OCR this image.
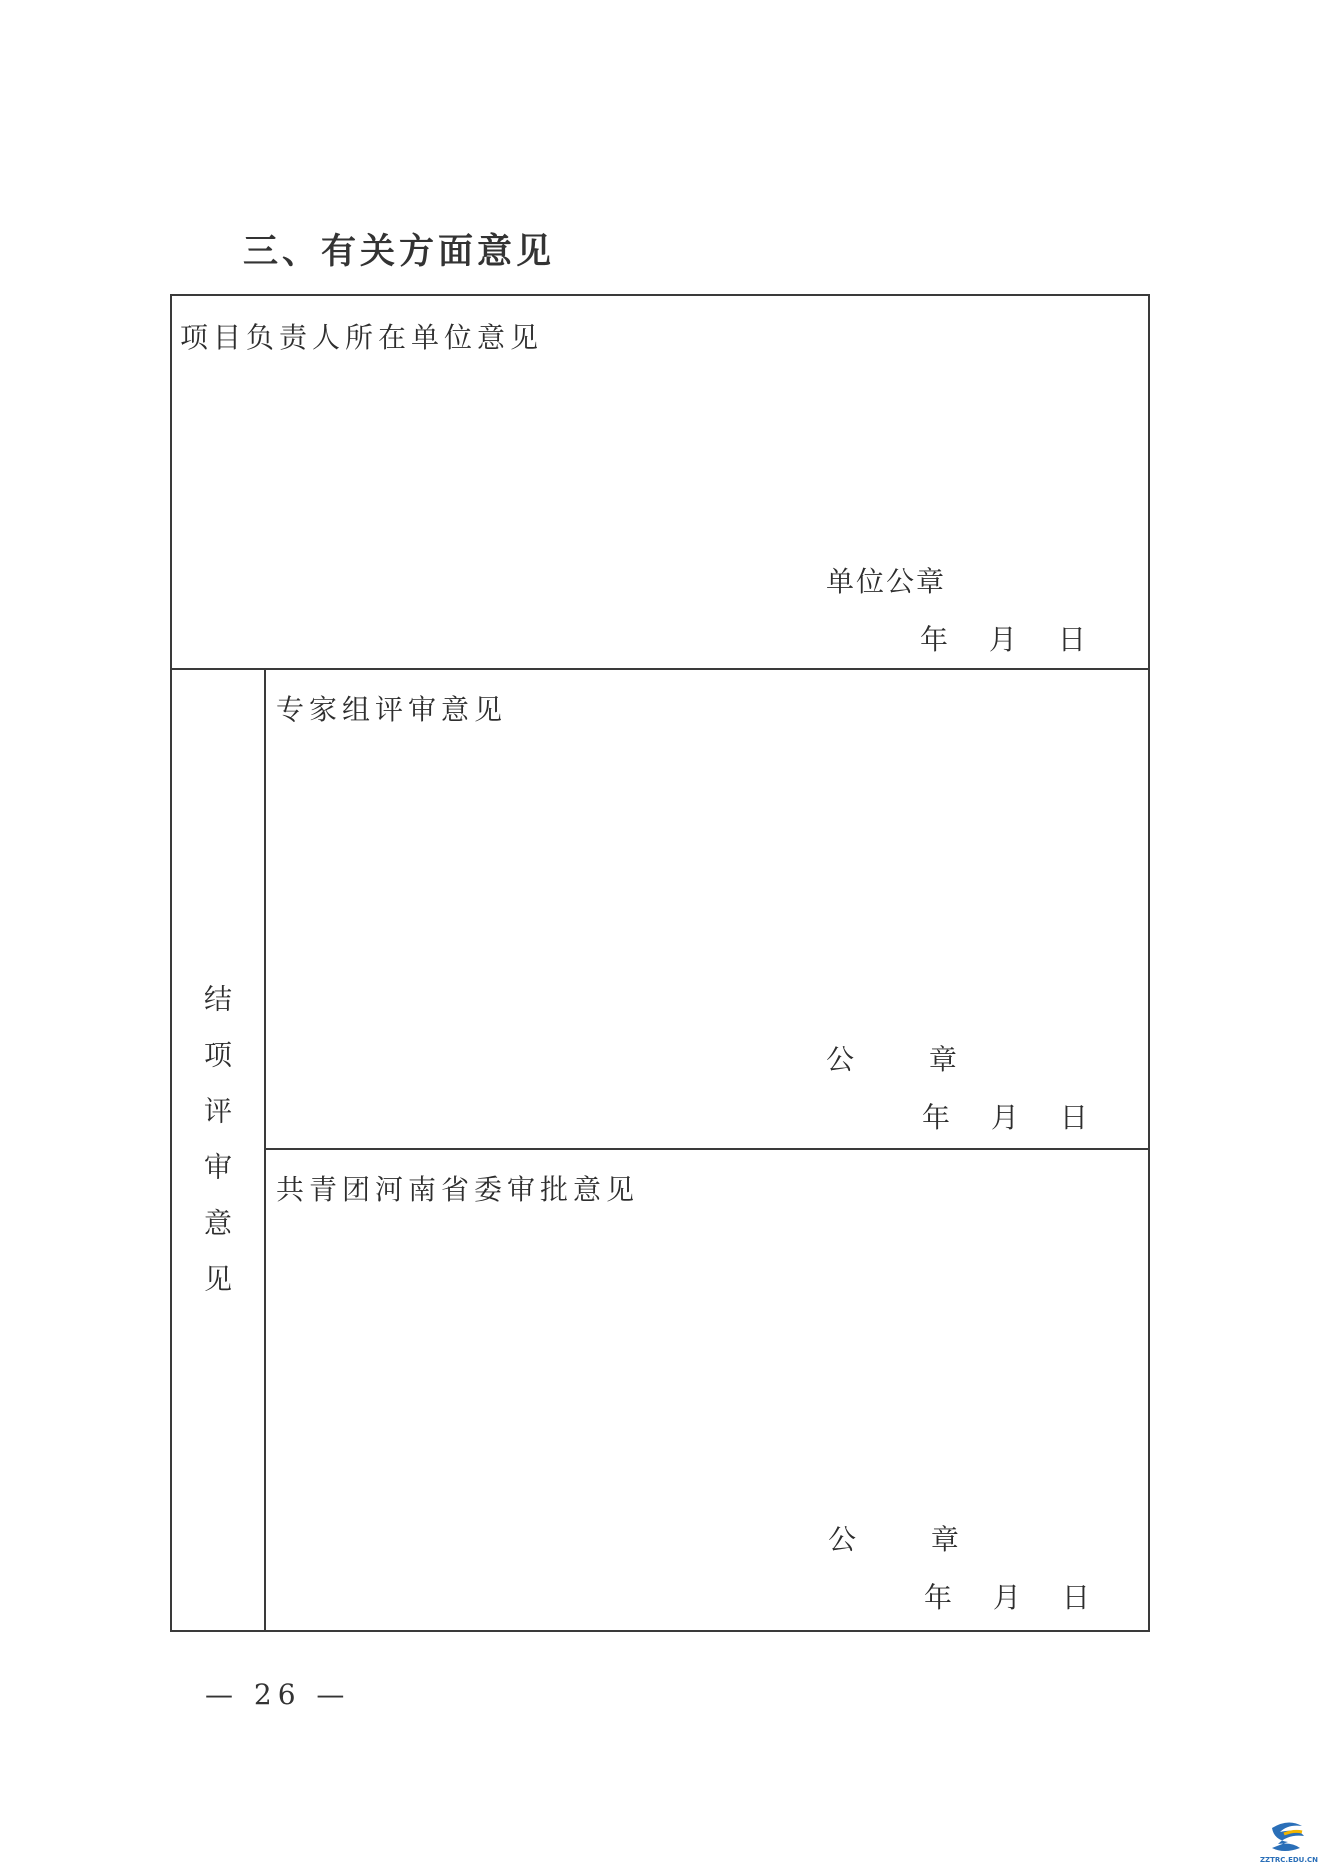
三、有关方面意见
项目负责人所在单位意见
单位公章
年 月 日
专家组评审意见
公	章
年 月 日
共青团河南省委审批意见
公	章
年 月 日
结项评审意见
— 26 —
ZZTRC.EDU.CN
